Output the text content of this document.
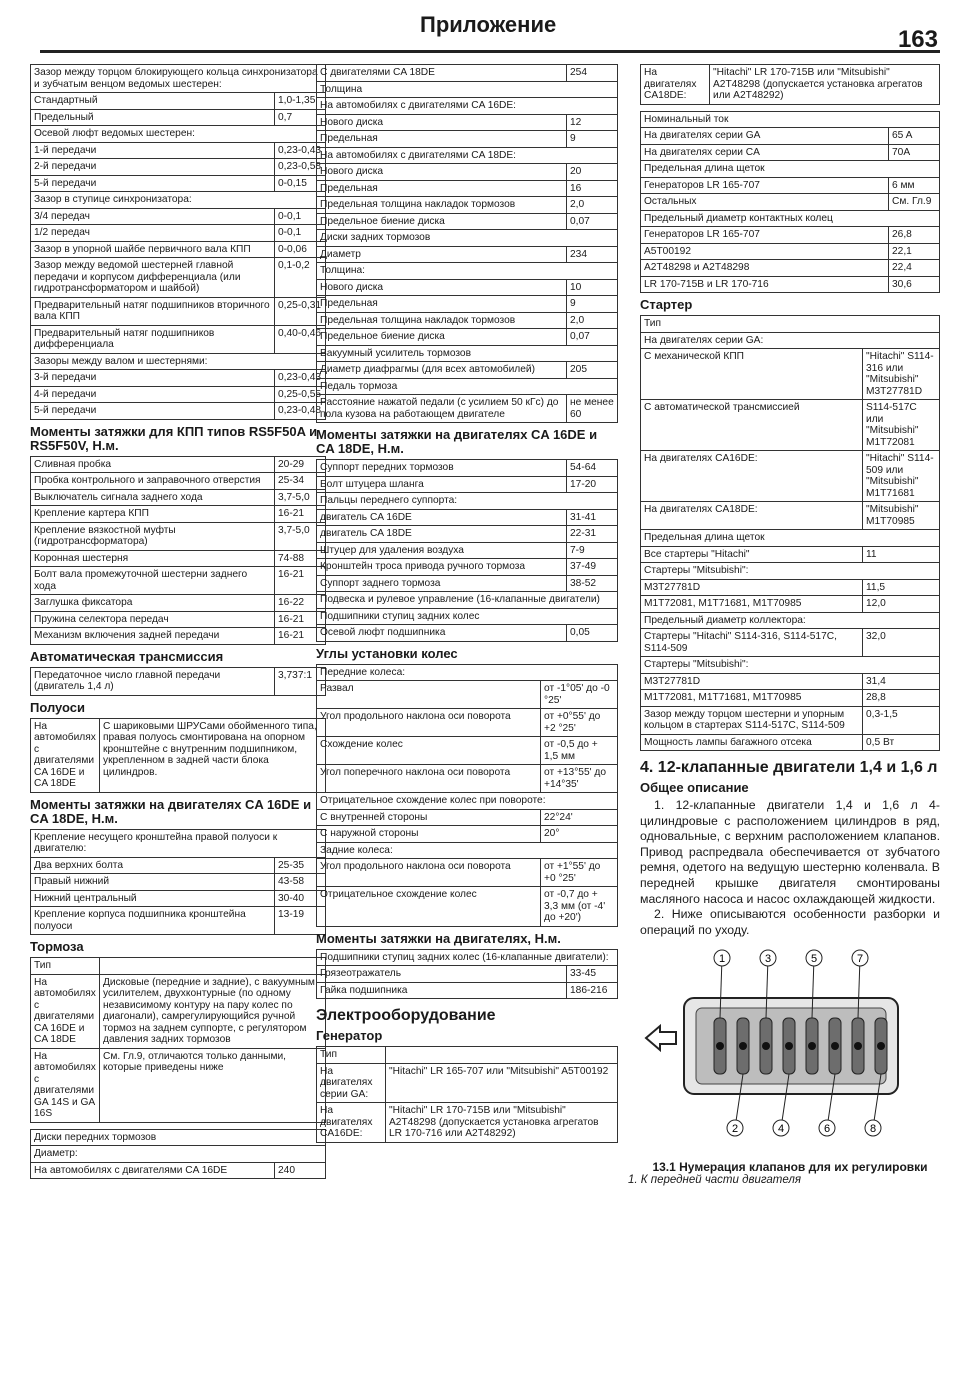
Приложение
163
Зазор между торцом блокирующего кольца синхронизатора и зубчатым венцом ведомых шестерен:	
Стандартный	1,0-1,35
Предельный	0,7
Осевой люфт ведомых шестерен:	
1-й передачи	0,23-0,43
2-й передачи	0,23-0,58
5-й передачи	0-0,15
Зазор в ступице синхронизатора:	
3/4 передач	0-0,1
1/2 передач	0-0,1
Зазор в упорной шайбе первичного вала КПП	0-0,06
Зазор между ведомой шестерней главной передачи и корпусом дифференциала (или гидротрансформатором и шайбой)	0,1-0,2
Предварительный натяг подшипников вторичного вала КПП	0,25-0,31
Предварительный натяг подшипников дифференциала	0,40-0,46
Зазоры между валом и шестернями:	
3-й передачи	0,23-0,43
4-й передачи	0,25-0,55
5-й передачи	0,23-0,48
Моменты затяжки для КПП типов RS5F50A и RS5F50V, Н.м.
Сливная пробка	20-29
Пробка контрольного и заправочного отверстия	25-34
Выключатель сигнала заднего хода	3,7-5,0
Крепление картера КПП	16-21
Крепление вязкостной муфты (гидротрансформатора)	3,7-5,0
Коронная шестерня	74-88
Болт вала промежуточной шестерни заднего хода	16-21
Заглушка фиксатора	16-22
Пружина селектора передач	16-21
Механизм включения задней передачи	16-21
Автоматическая трансмиссия
Передаточное число главной передачи (двигатель 1,4 л)	3,737:1
Полуоси
На автомобилях с двигателями CA 16DE и CA 18DE	С шариковыми ШРУСами обойменного типа, правая полуось смонтирована на опорном кронштейне с внутренним подшипником, укрепленном в задней части блока цилиндров.
Моменты затяжки на двигателях CA 16DE и CA 18DE, Н.м.
Крепление несущего кронштейна правой полуоси к двигателю:	
Два верхних болта	25-35
Правый нижний	43-58
Нижний центральный	30-40
Крепление корпуса подшипника кронштейна полуоси	13-19
Тормоза
Тип	
На автомобилях с двигателями CA 16DE и CA 18DE	Дисковые (передние и задние), с вакуумным усилителем, двухконтурные (по одному независимому контуру на пару колес по диагонали), самрегулирующийся ручной тормоз на заднем суппорте, с регулятором давления задних тормозов
На автомобилях с двигателями GA 14S и GA 16S	См. Гл.9, отличаются только данными, которые приведены ниже
Диски передних тормозов
Диаметр:
На автомобилях с двигателями CA 16DE	240
С двигателями CA 18DE	254
Толщина	
На автомобилях с двигателями CA 16DE:	
Нового диска	12
Предельная	9
На автомобилях с двигателями CA 18DE:	
Нового диска	20
Предельная	16
Предельная толщина накладок тормозов	2,0
Предельное биение диска	0,07
Диски задних тормозов	
Диаметр	234
Толщина:	
Нового диска	10
Предельная	9
Предельная толщина накладок тормозов	2,0
Предельное биение диска	0,07
Вакуумный усилитель тормозов	
Диаметр диафрагмы (для всех автомобилей)	205
Педаль тормоза	
Расстояние нажатой педали (с усилием 50 кГс) до пола кузова на работающем двигателе	не менее 60
Моменты затяжки на двигателях CA 16DE и CA 18DE, Н.м.
Суппорт передних тормозов	54-64
Болт штуцера шланга	17-20
Пальцы переднего суппорта:	
двигатель CA 16DE	31-41
двигатель CA 18DE	22-31
Штуцер для удаления воздуха	7-9
Кронштейн троса привода ручного тормоза	37-49
Суппорт заднего тормоза	38-52
Подвеска и рулевое управление (16-клапанные двигатели)	
Подшипники ступиц задних колес	
Осевой люфт подшипника	0,05
Углы установки колес
Передние колеса:	
Развал	от -1°05' до -0 °25'
Угол продольного наклона оси поворота	от +0°55' до +2 °25'
Схождение колес	от -0,5 до + 1,5 мм
Угол поперечного наклона оси поворота	от +13°55' до +14°35'
Отрицательное схождение колес при повороте:	
С внутренней стороны	22°24'
С наружной стороны	20°
Задние колеса:	
Угол продольного наклона оси поворота	от +1°55' до +0 °25'
Отрицательное схождение колес	от -0,7 до + 3,3 мм (от -4' до +20')
Моменты затяжки на двигателях, Н.м.
Подшипники ступиц задних колес (16-клапанные двигатели):	
Грязеотражатель	33-45
Гайка подшипника	186-216
Электрооборудование
Генератор
Тип	
На двигателях серии GA:	"Hitachi" LR 165-707 или "Mitsubishi" A5T00192
На двигателях CA16DE:	"Hitachi" LR 170-715В или "Mitsubishi" A2T48298 (допускается установка агрегатов LR 170-716 или A2T48292)
На двигателях CA18DE:	"Hitachi" LR 170-715В или "Mitsubishi" A2T48298 (допускается установка агрегатов или A2T48292)
Номинальный ток	
На двигателях серии GA	65 A
На двигателях серии CA	70A
Предельная длина щеток	
Генераторов LR 165-707	6 мм
Остальных	См. Гл.9
Предельный диаметр контактных колец	
Генераторов LR 165-707	26,8
A5T00192	22,1
A2T48298 и A2T48298	22,4
LR 170-715В и LR 170-716	30,6
Стартер
Тип	
На двигателях серии GA:	
С механической КПП	"Hitachi" S114-316 или "Mitsubishi" M3T27781D
С автоматической трансмиссией	S114-517C или "Mitsubishi" M1T72081
На двигателях CA16DE:	"Hitachi" S114-509 или "Mitsubishi" M1T71681
На двигателях CA18DE:	"Mitsubishi" M1T70985
Предельная длина щеток	
Все стартеры "Hitachi"	11
Стартеры "Mitsubishi":	
M3T27781D	11,5
M1T72081, M1T71681, M1T70985	12,0
Предельный диаметр коллектора:	
Стартеры "Hitachi" S114-316, S114-517C, S114-509	32,0
Стартеры "Mitsubishi":	
M3T27781D	31,4
M1T72081, M1T71681, M1T70985	28,8
Зазор между торцом шестерни и упорным кольцом в стартерах S114-517C, S114-509	0,3-1,5
Мощность лампы багажного отсека	0,5 Вт
4. 12-клапанные двигатели 1,4 и 1,6 л
Общее описание

1. 12-клапанные двигатели 1,4 и 1,6 л 4-цилиндровые с расположением цилиндров в ряд, одновальные, с верхним расположением клапанов. Привод распредвала обеспечивается от зубчатого ремня, одетого на ведущую шестерню коленвала. В передней крышке двигателя смонтированы масляного насоса и насос охлаждающей жидкости.

2. Ниже описываются особенности разборки и операций по уходу.

1	3	5	7
2	4	6	8
13.1 Нумерация клапанов для их регулировки
1. К передней части двигателя
